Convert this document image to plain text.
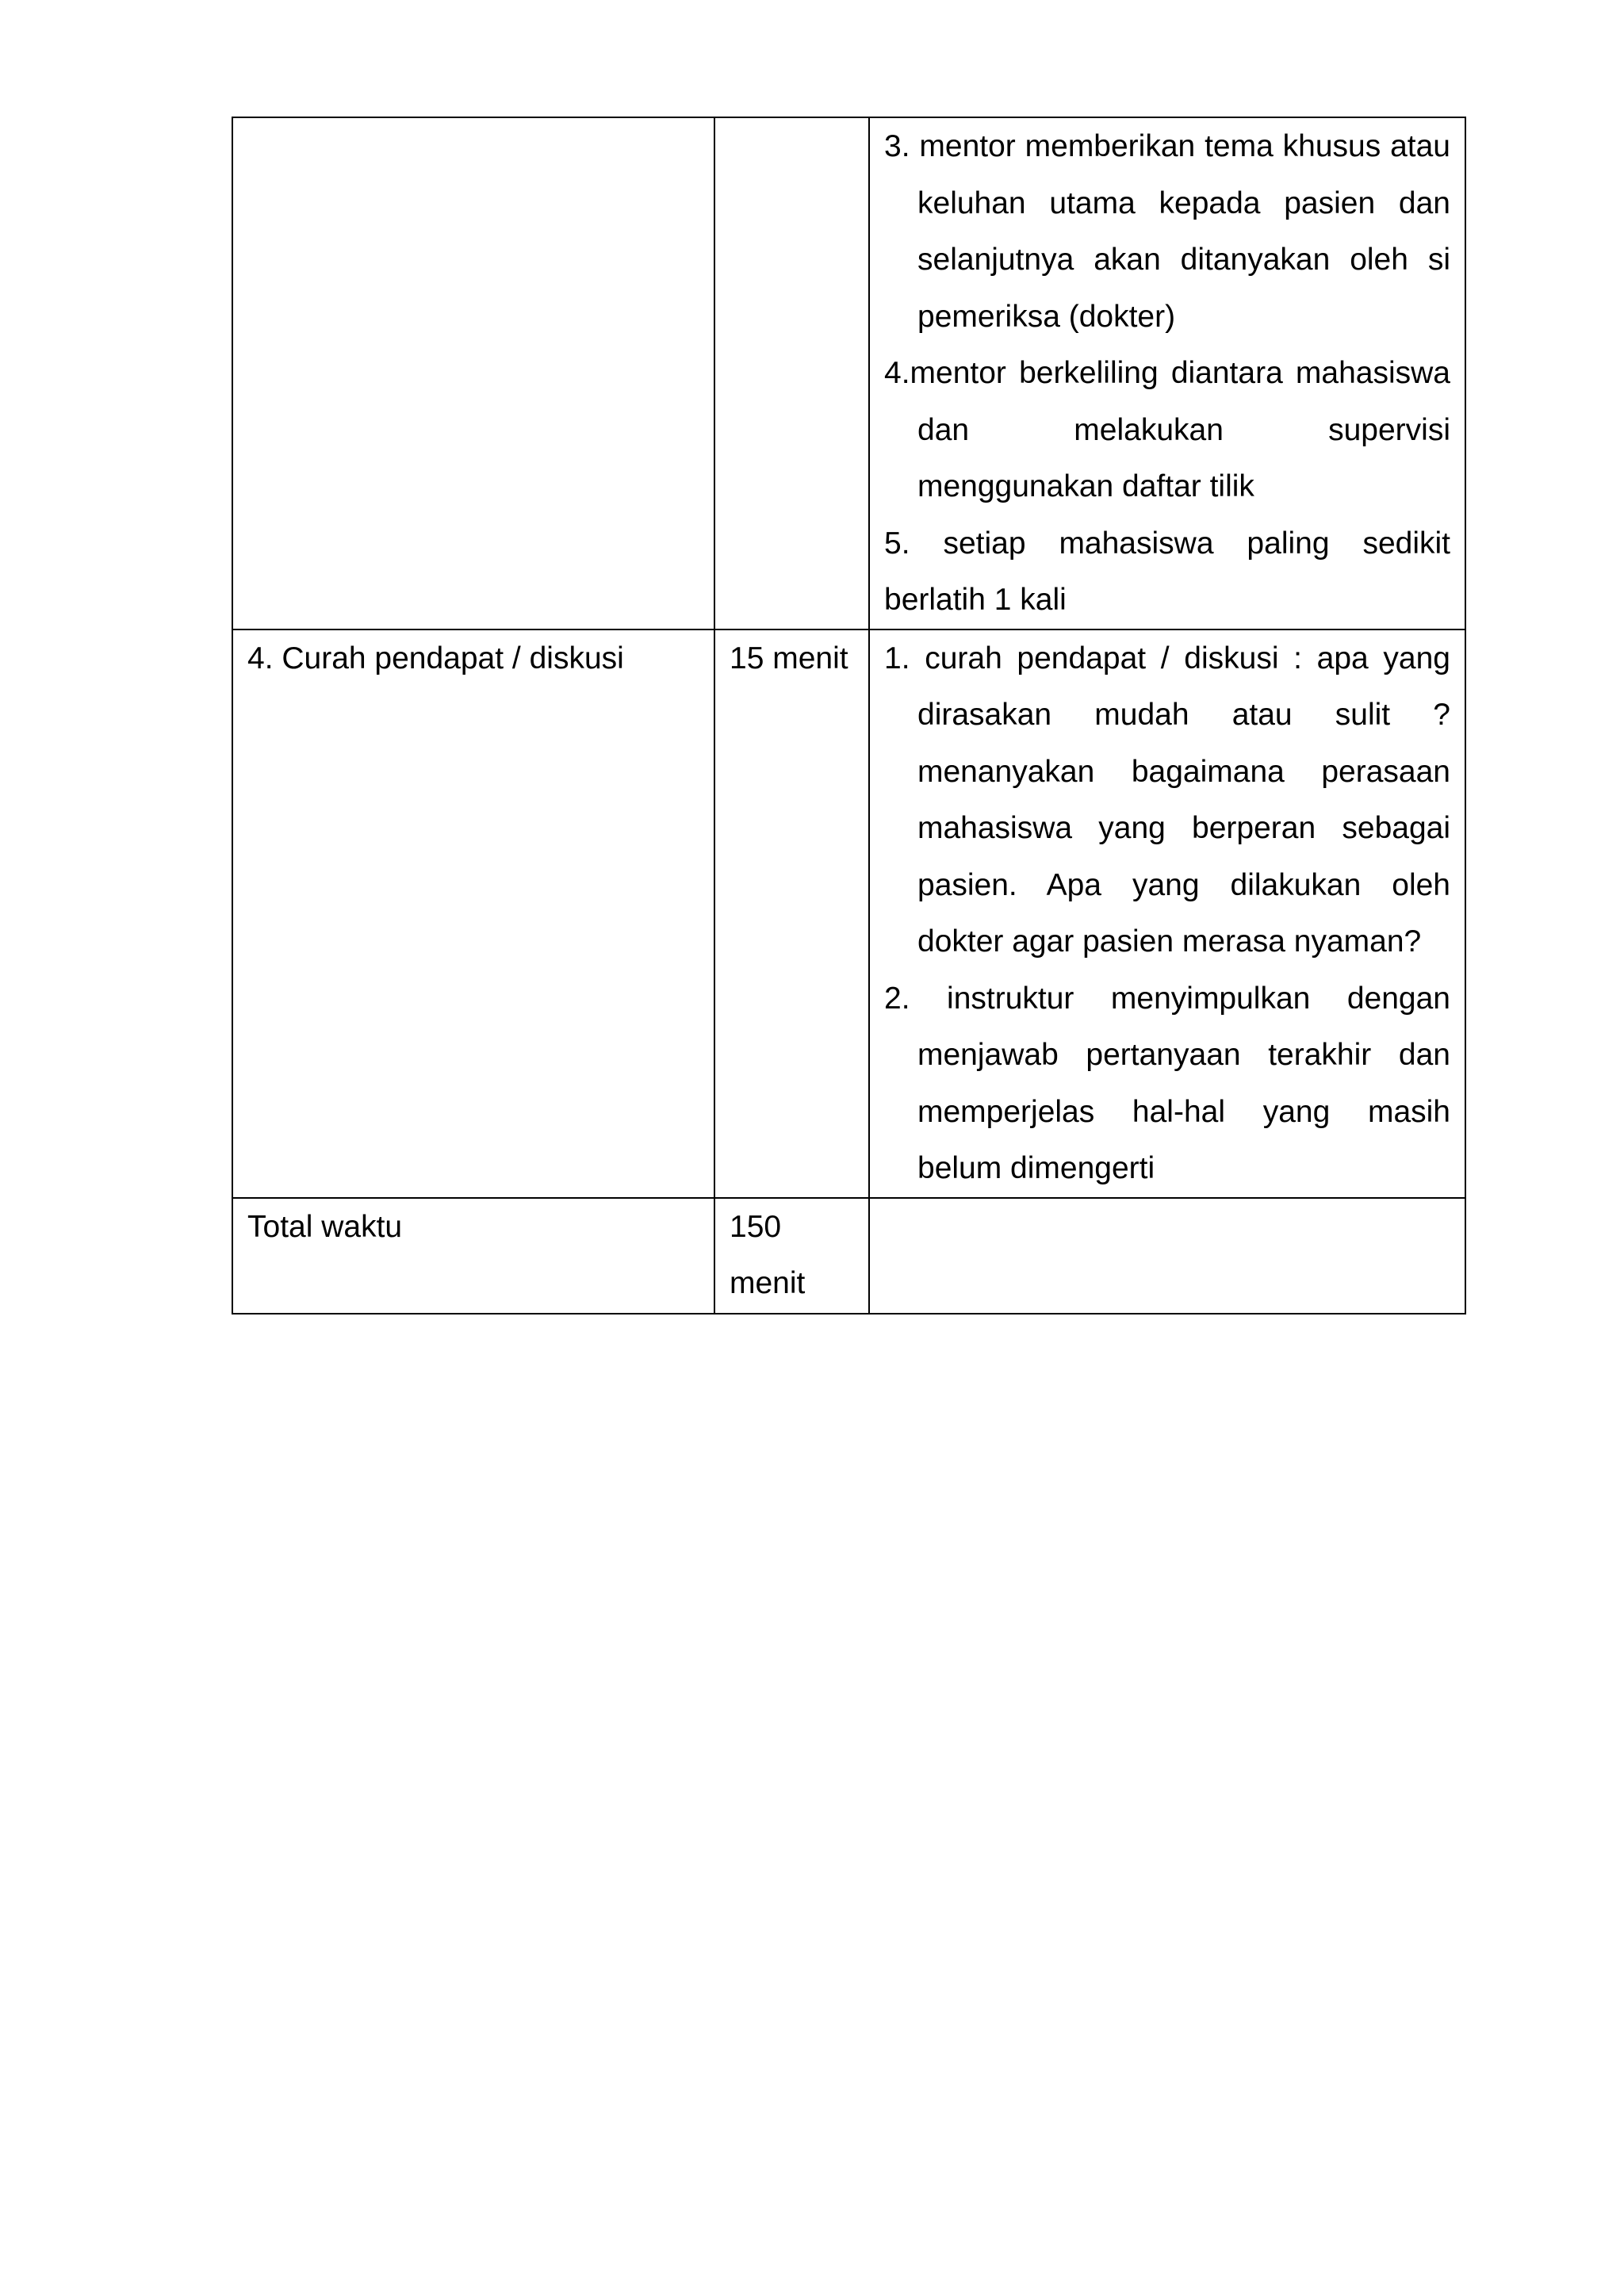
		3. mentor memberikan tema khusus atau keluhan utama kepada pasien dan selanjutnya akan ditanyakan oleh si pemeriksa (dokter)

4.mentor berkeliling diantara mahasiswa dan melakukan supervisi menggunakan daftar tilik

5. setiap mahasiswa paling sedikit berlatih 1 kali

4. Curah pendapat / diskusi	15 menit	1. curah pendapat / diskusi : apa yang dirasakan mudah atau sulit ? menanyakan bagaimana perasaan mahasiswa yang berperan sebagai pasien. Apa yang dilakukan oleh dokter agar pasien merasa nyaman?

2. instruktur menyimpulkan dengan menjawab pertanyaan terakhir dan memperjelas hal-hal yang masih belum dimengerti

Total waktu	150 menit	
